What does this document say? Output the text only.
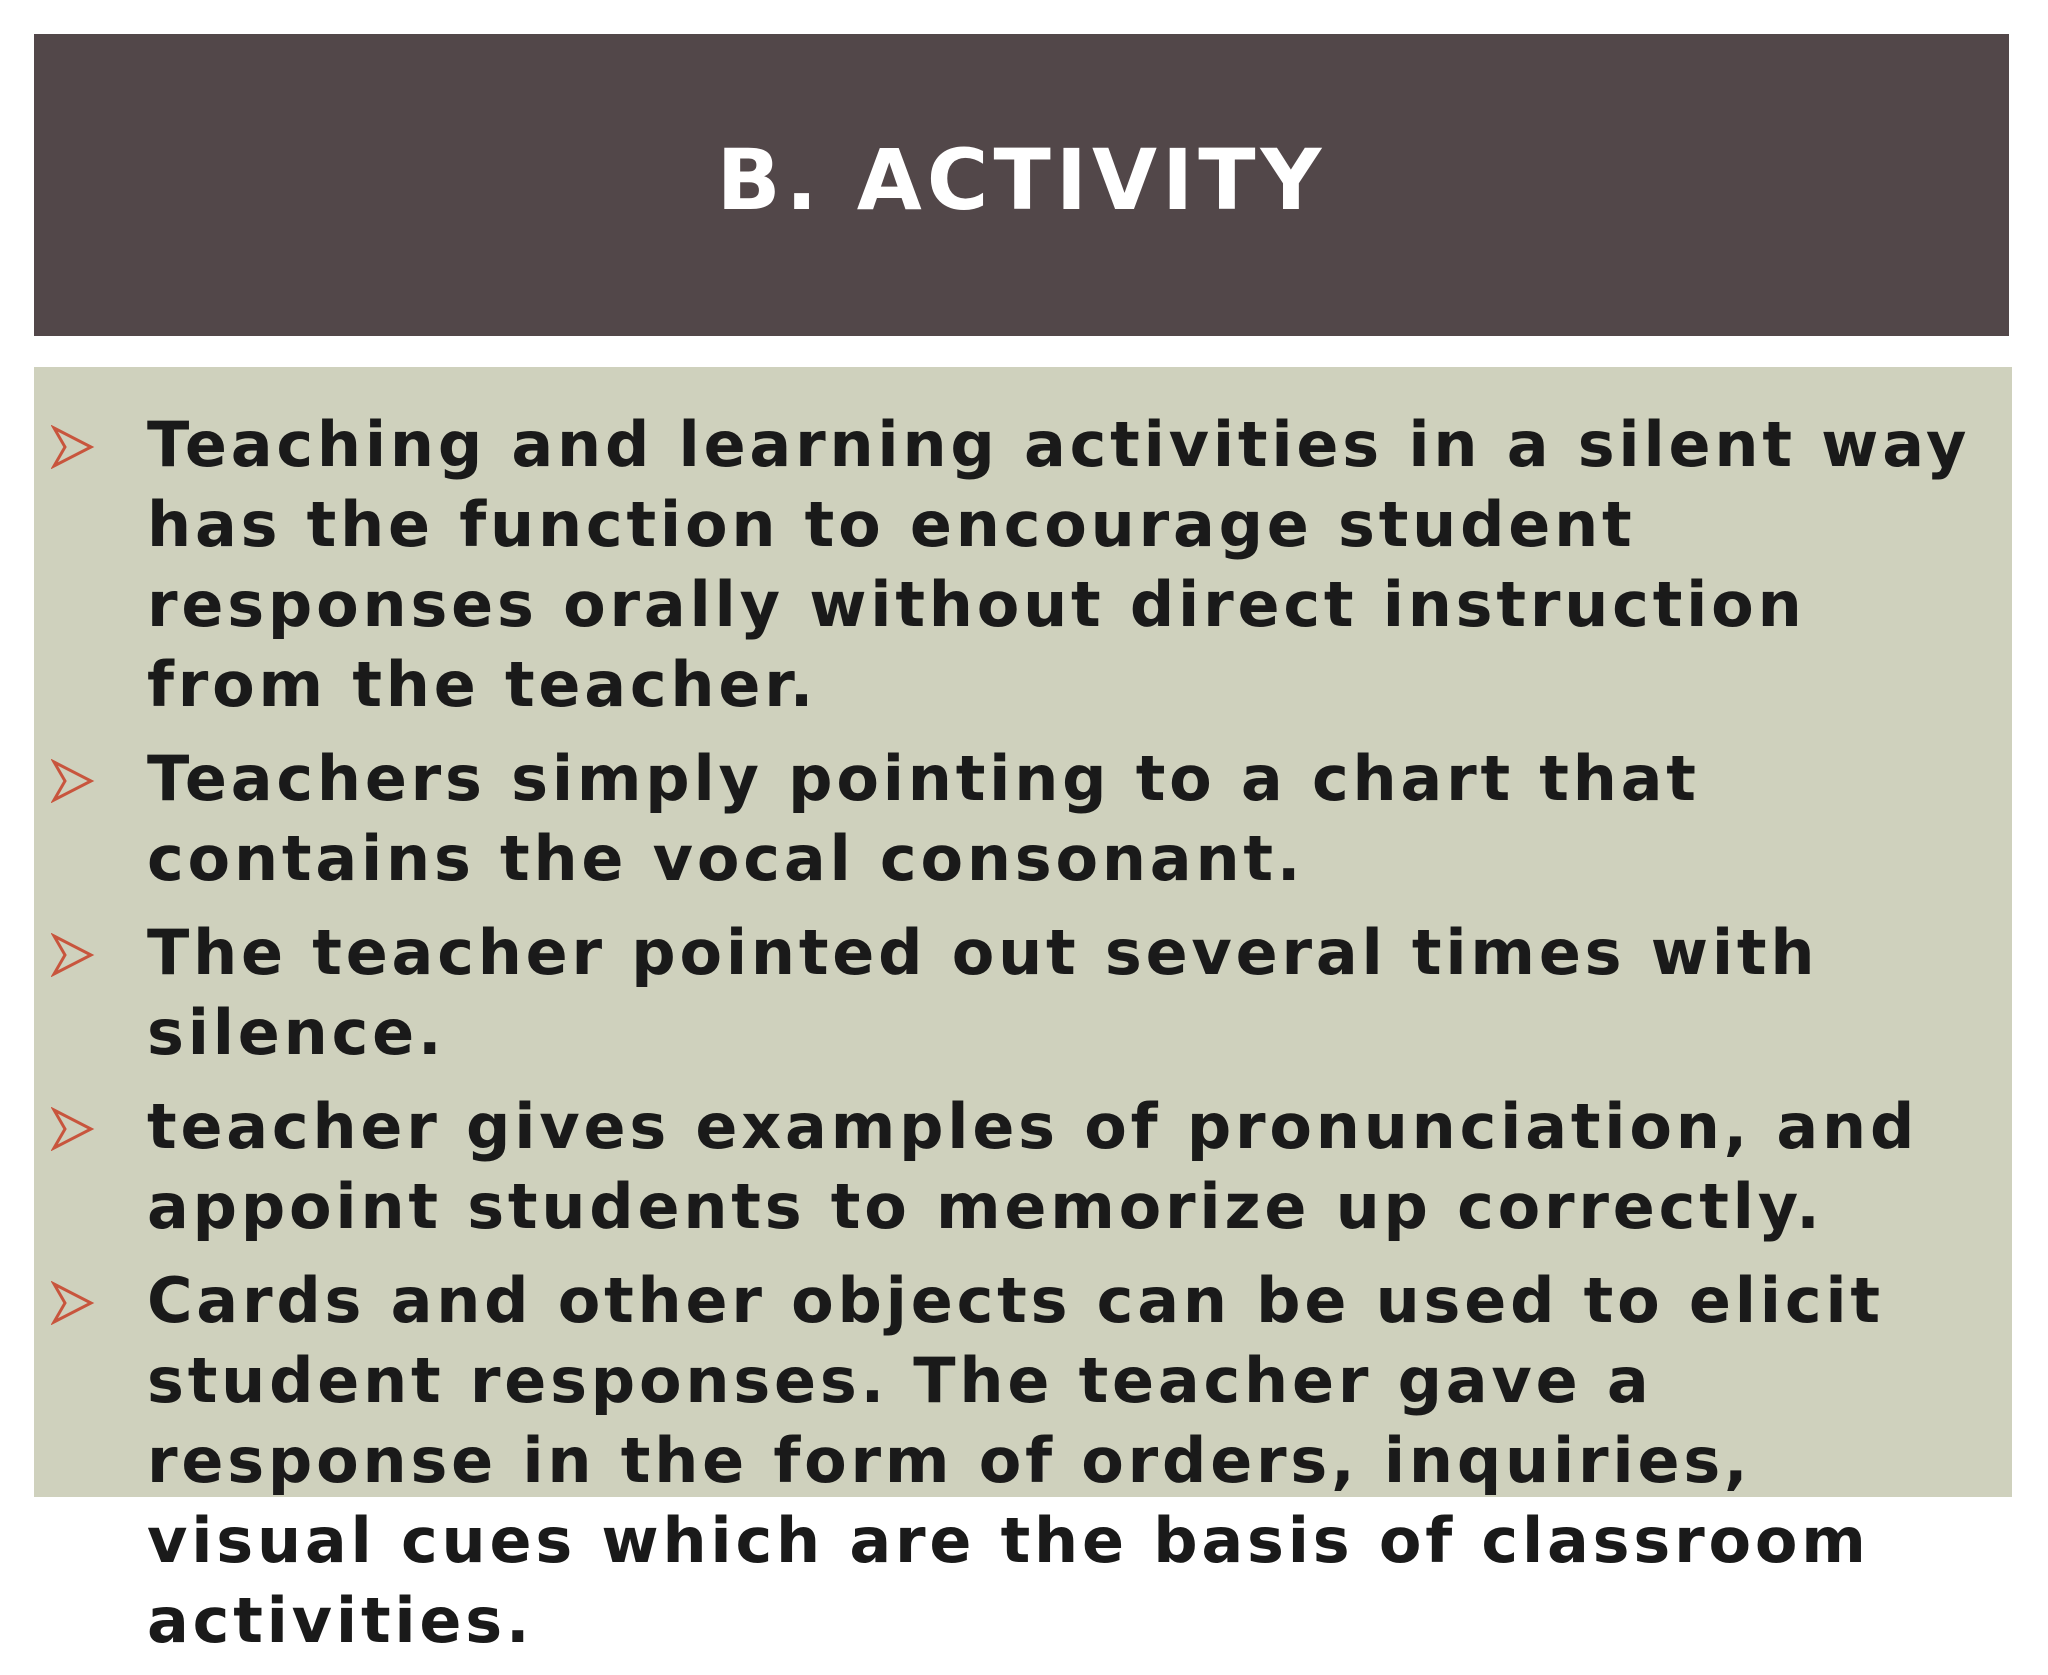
B. ACTIVITY
Teaching and learning activities in a silent way has the function to encourage student responses orally without direct instruction from the teacher.
Teachers simply pointing to a chart that contains the vocal consonant.
The teacher pointed out several times with silence.
teacher gives examples of pronunciation, and appoint students to memorize up correctly.
Cards and other objects can be used to elicit student responses. The teacher gave a response in the form of orders, inquiries, visual cues which are the basis of classroom activities.
